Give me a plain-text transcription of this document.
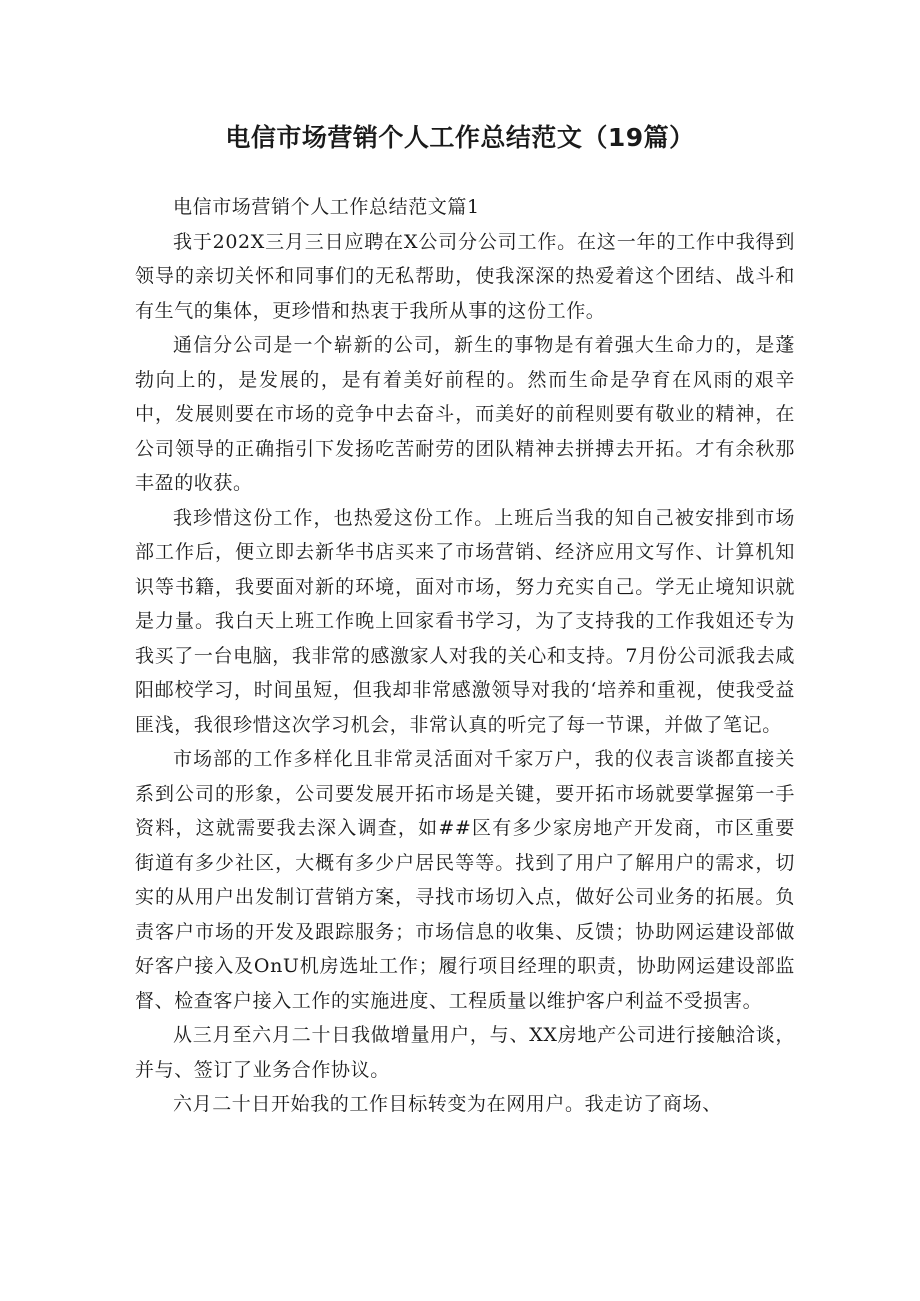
电信市场营销个人工作总结范文（19篇）

电信市场营销个人工作总结范文篇1

我于202X三月三日应聘在X公司分公司工作。在这一年的工作中我得到领导的亲切关怀和同事们的无私帮助，使我深深的热爱着这个团结、战斗和有生气的集体，更珍惜和热衷于我所从事的这份工作。

通信分公司是一个崭新的公司，新生的事物是有着强大生命力的，是蓬勃向上的，是发展的，是有着美好前程的。然而生命是孕育在风雨的艰辛中，发展则要在市场的竞争中去奋斗，而美好的前程则要有敬业的精神，在公司领导的正确指引下发扬吃苦耐劳的团队精神去拼搏去开拓。才有余秋那丰盈的收获。

我珍惜这份工作，也热爱这份工作。上班后当我的知自己被安排到市场部工作后，便立即去新华书店买来了市场营销、经济应用文写作、计算机知识等书籍，我要面对新的环境，面对市场，努力充实自己。学无止境知识就是力量。我白天上班工作晚上回家看书学习，为了支持我的工作我姐还专为我买了一台电脑，我非常的感激家人对我的关心和支持。7月份公司派我去咸阳邮校学习，时间虽短，但我却非常感激领导对我的‘培养和重视，使我受益匪浅，我很珍惜这次学习机会，非常认真的听完了每一节课，并做了笔记。

市场部的工作多样化且非常灵活面对千家万户，我的仪表言谈都直接关系到公司的形象，公司要发展开拓市场是关键，要开拓市场就要掌握第一手资料，这就需要我去深入调查，如##区有多少家房地产开发商，市区重要街道有多少社区，大概有多少户居民等等。找到了用户了解用户的需求，切实的从用户出发制订营销方案，寻找市场切入点，做好公司业务的拓展。负责客户市场的开发及跟踪服务；市场信息的收集、反馈；协助网运建设部做好客户接入及OnU机房选址工作；履行项目经理的职责，协助网运建设部监督、检查客户接入工作的实施进度、工程质量以维护客户利益不受损害。

从三月至六月二十日我做增量用户，与、XX房地产公司进行接触洽谈，并与、签订了业务合作协议。

六月二十日开始我的工作目标转变为在网用户。我走访了商场、
